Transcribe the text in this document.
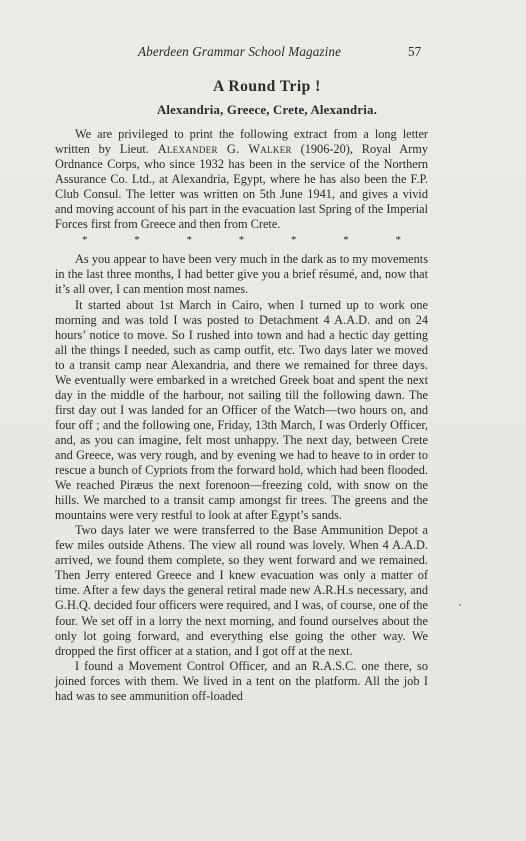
Aberdeen Grammar School Magazine	57
A Round Trip !
Alexandria, Greece, Crete, Alexandria.

We are privileged to print the following extract from a long letter written by Lieut. Alexander G. Walker (1906-20), Royal Army Ordnance Corps, who since 1932 has been in the service of the Northern Assurance Co. Ltd., at Alexandria, Egypt, where he has also been the F.P. Club Consul. The letter was written on 5th June 1941, and gives a vivid and moving account of his part in the evacuation last Spring of the Imperial Forces first from Greece and then from Crete.

* * * * * * *

As you appear to have been very much in the dark as to my movements in the last three months, I had better give you a brief résumé, and, now that it’s all over, I can mention most names.

It started about 1st March in Cairo, when I turned up to work one morning and was told I was posted to Detachment 4 A.A.D. and on 24 hours’ notice to move. So I rushed into town and had a hectic day getting all the things I needed, such as camp outfit, etc. Two days later we moved to a transit camp near Alexandria, and there we remained for three days. We eventually were embarked in a wretched Greek boat and spent the next day in the middle of the harbour, not sailing till the following dawn. The first day out I was landed for an Officer of the Watch—two hours on, and four off ; and the following one, Friday, 13th March, I was Orderly Officer, and, as you can imagine, felt most unhappy. The next day, between Crete and Greece, was very rough, and by evening we had to heave to in order to rescue a bunch of Cypriots from the forward hold, which had been flooded. We reached Piræus the next forenoon—freezing cold, with snow on the hills. We marched to a transit camp amongst fir trees. The greens and the mountains were very restful to look at after Egypt’s sands.

Two days later we were transferred to the Base Ammunition Depot a few miles outside Athens. The view all round was lovely. When 4 A.A.D. arrived, we found them complete, so they went forward and we remained. Then Jerry entered Greece and I knew evacuation was only a matter of time. After a few days the general retiral made new A.R.H.s necessary, and G.H.Q. decided four officers were required, and I was, of course, one of the four. We set off in a lorry the next morning, and found ourselves about the only lot going forward, and everything else going the other way. We dropped the first officer at a station, and I got off at the next.

I found a Movement Control Officer, and an R.A.S.C. one there, so joined forces with them. We lived in a tent on the platform. All the job I had was to see ammunition off-loaded
